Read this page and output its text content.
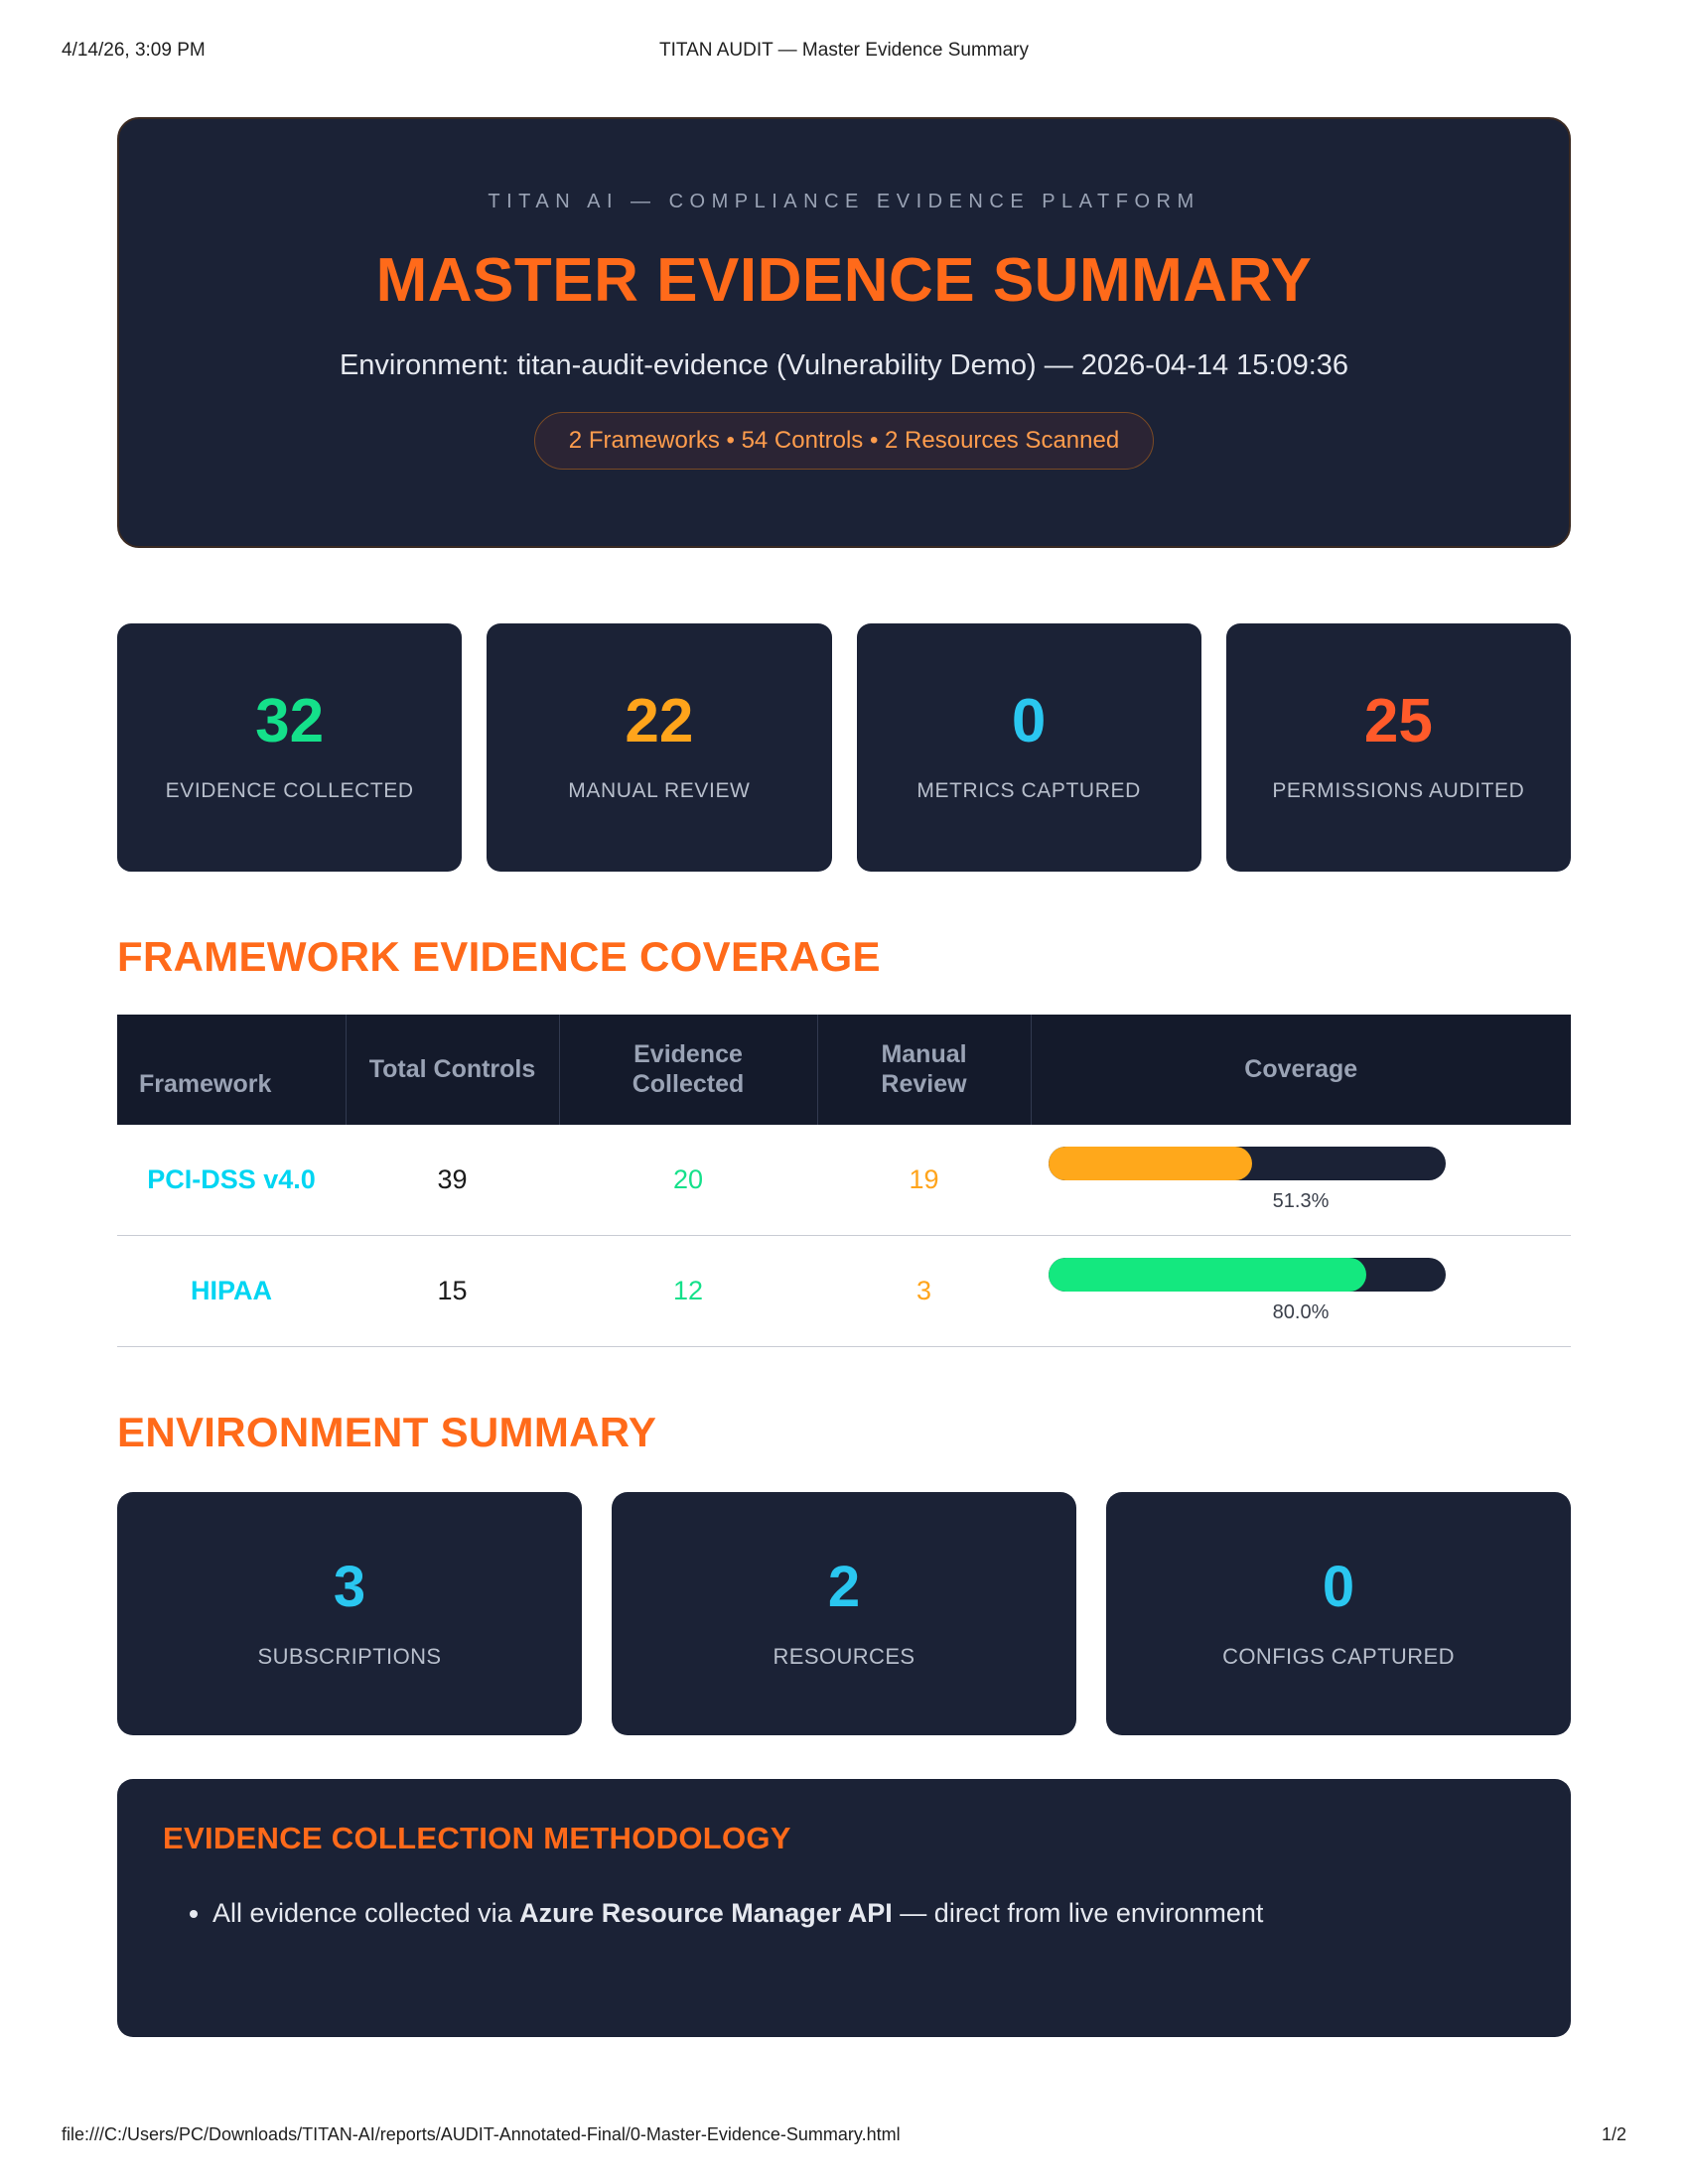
4/14/26, 3:09 PM	TITAN AUDIT — Master Evidence Summary
TITAN AI — COMPLIANCE EVIDENCE PLATFORM
MASTER EVIDENCE SUMMARY
Environment: titan-audit-evidence (Vulnerability Demo) — 2026-04-14 15:09:36
2 Frameworks • 54 Controls • 2 Resources Scanned
32
EVIDENCE COLLECTED
22
MANUAL REVIEW
0
METRICS CAPTURED
25
PERMISSIONS AUDITED
FRAMEWORK EVIDENCE COVERAGE
Framework	Total Controls	Evidence Collected	Manual Review	Coverage
PCI-DSS v4.0	39	20	19	51.3%

HIPAA	15	12	3	80.0%
ENVIRONMENT SUMMARY
3
SUBSCRIPTIONS
2
RESOURCES
0
CONFIGS CAPTURED
EVIDENCE COLLECTION METHODOLOGY
• All evidence collected via Azure Resource Manager API — direct from live environment
file:///C:/Users/PC/Downloads/TITAN-AI/reports/AUDIT-Annotated-Final/0-Master-Evidence-Summary.html	1/2
